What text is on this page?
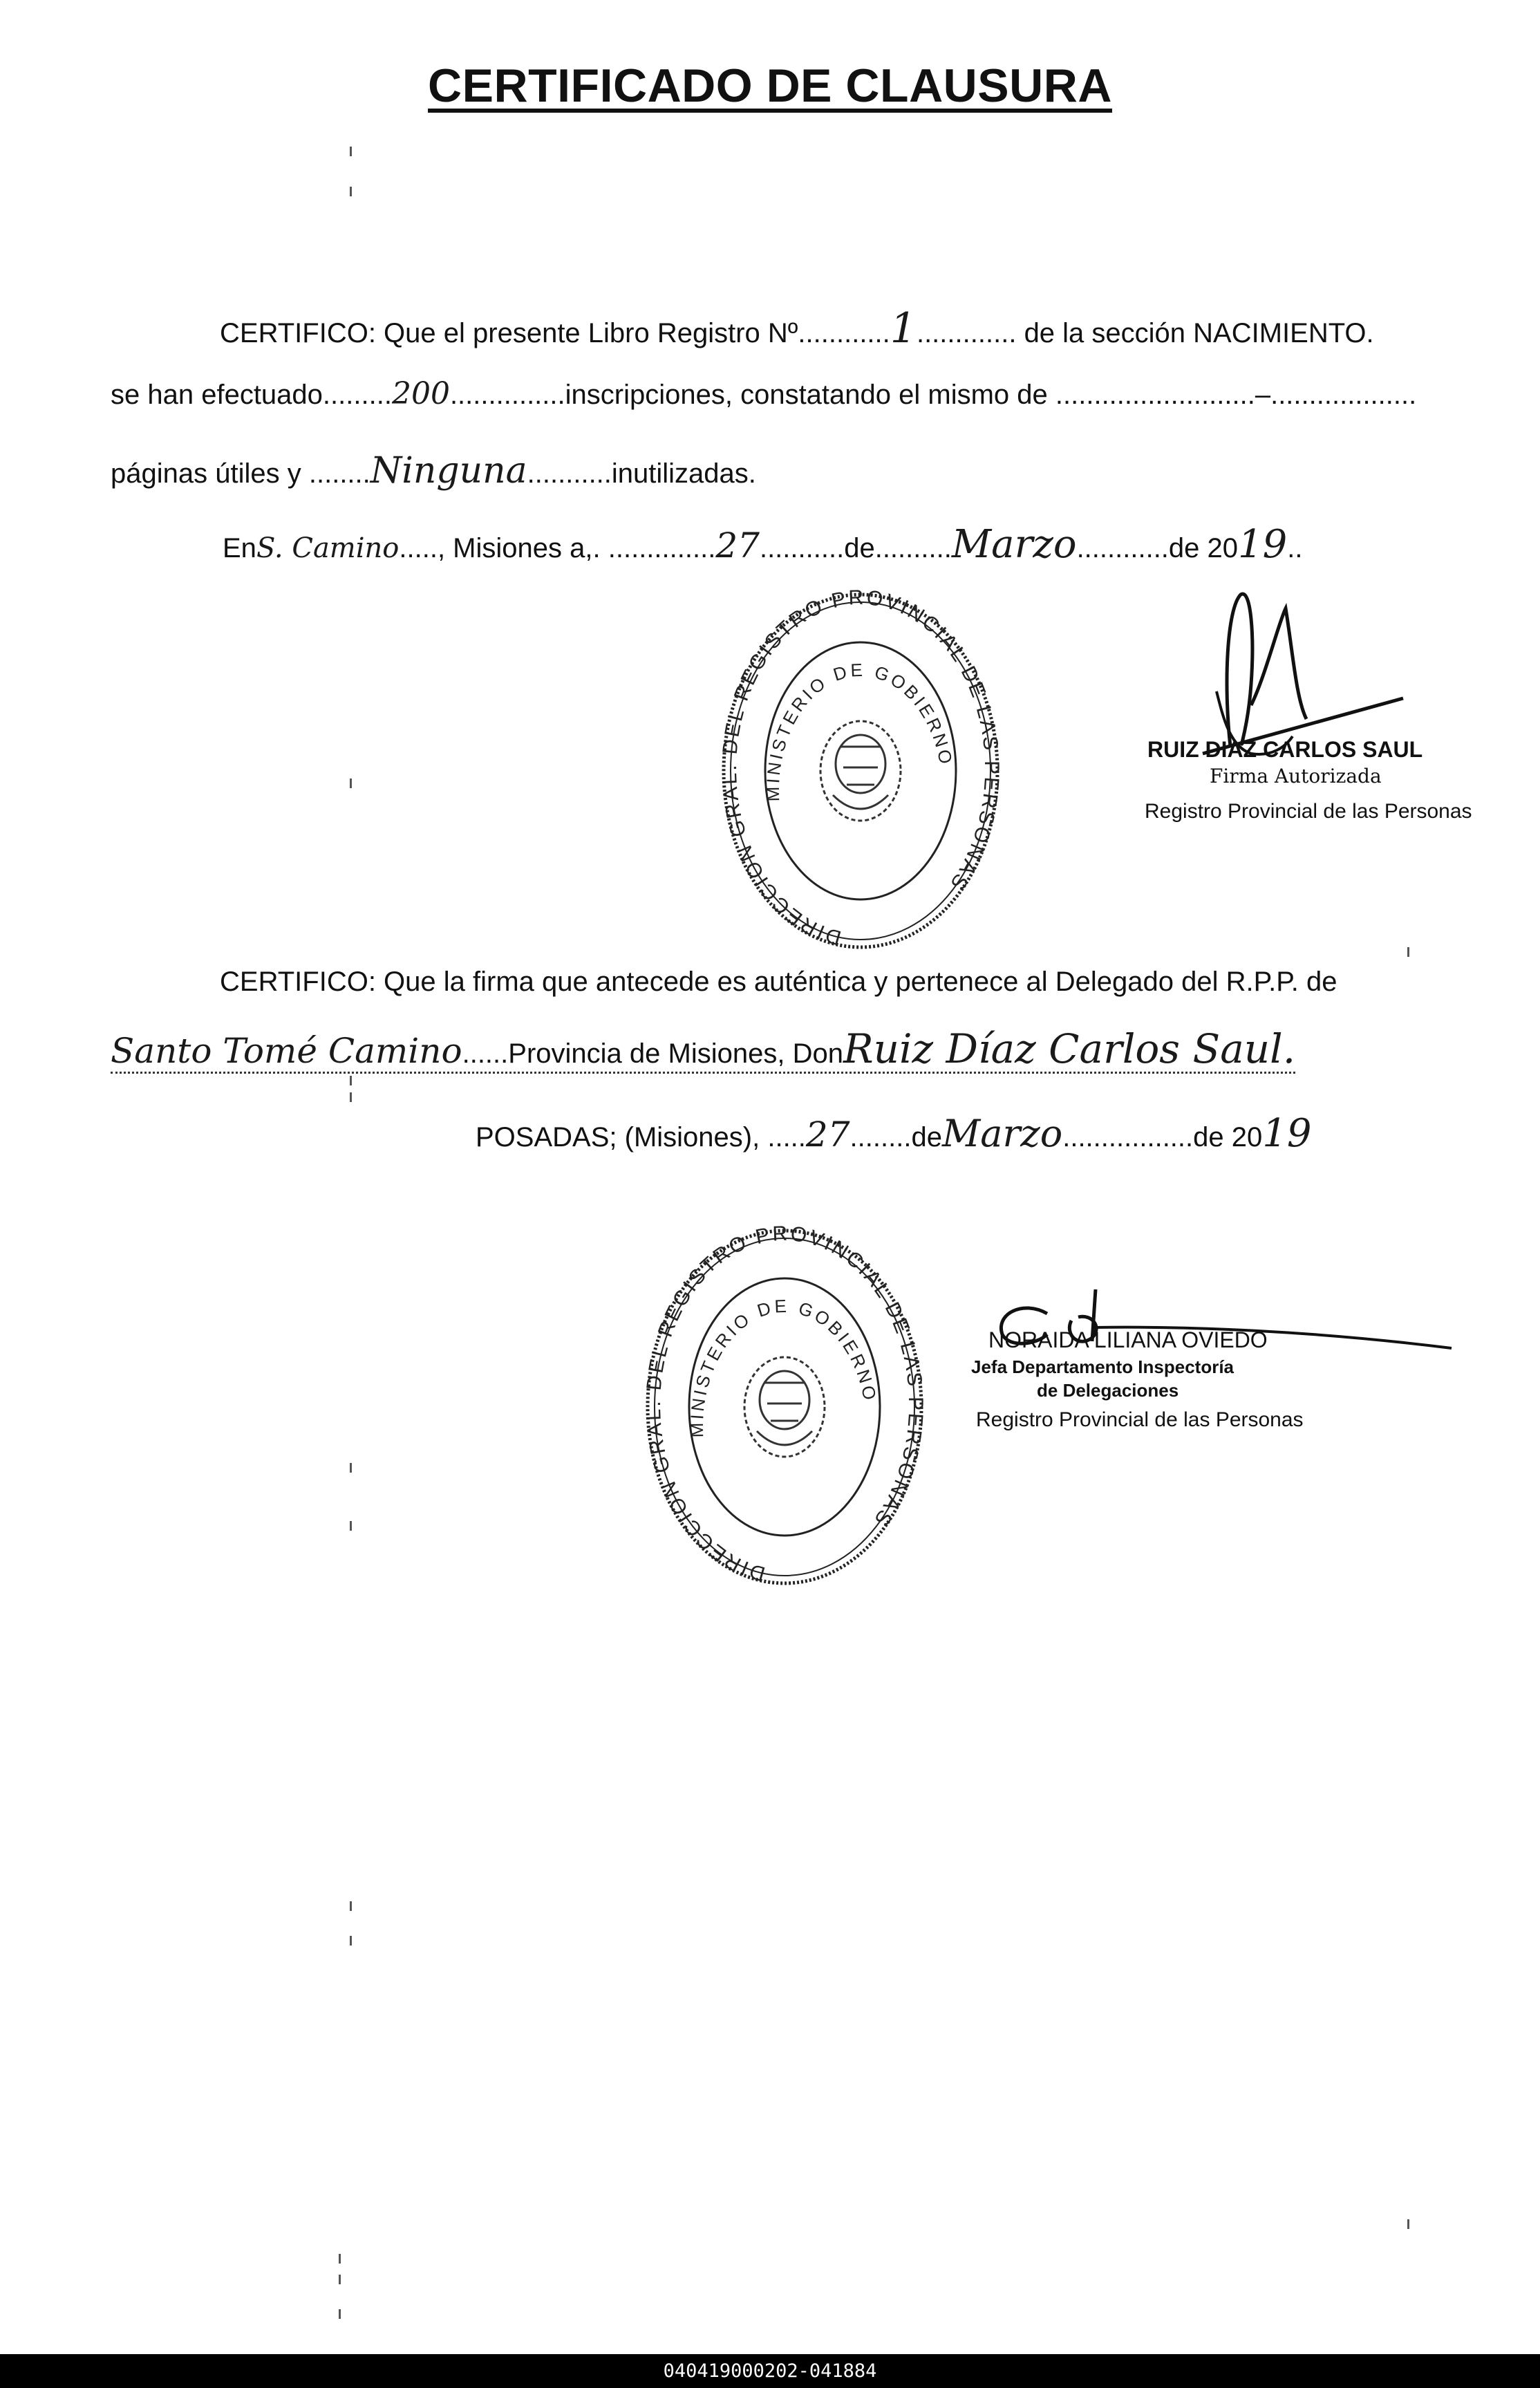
CERTIFICADO DE CLAUSURA
CERTIFICO: Que el presente Libro Registro Nº............1............. de la sección NACIMIENTO.
se han efectuado.........200...............inscripciones, constatando el mismo de ..........................–...................
páginas útiles y ........Ninguna...........inutilizadas.
EnS. Camino....., Misiones a,. ..............27...........de..........Marzo............de 2019..
DIRECCION GRAL. DEL REGISTRO PROVINCIAL DE LAS PERSONAS
MINISTERIO DE GOBIERNO	RUIZ DIAZ CARLOS SAUL
Firma Autorizada
Registro Provincial de las Personas
CERTIFICO: Que la firma que antecede es auténtica y pertenece al Delegado del R.P.P. de
Santo Tomé Camino......Provincia de Misiones, DonRuiz Díaz Carlos Saul.
POSADAS; (Misiones), .....27........deMarzo.................de 2019
DIRECCION GRAL. DEL REGISTRO PROVINCIAL DE LAS PERSONAS
MINISTERIO DE GOBIERNO
NORAIDA LILIANA OVIEDO
Jefa Departamento Inspectoría
de Delegaciones
Registro Provincial de las Personas
040419000202-041884
